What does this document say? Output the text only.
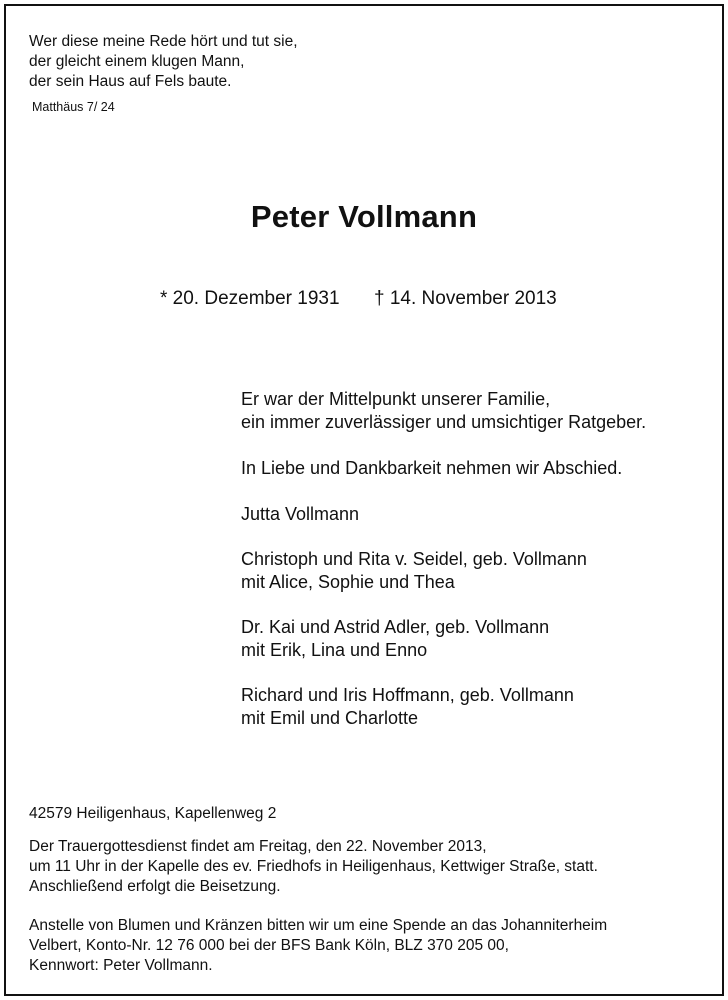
Wer diese meine Rede hört und tut sie,
der gleicht einem klugen Mann,
der sein Haus auf Fels baute.
Matthäus 7/ 24
Peter Vollmann
* 20. Dezember 1931 † 14. November 2013
Er war der Mittelpunkt unserer Familie,
ein immer zuverlässiger und umsichtiger Ratgeber.
In Liebe und Dankbarkeit nehmen wir Abschied.
Jutta Vollmann
Christoph und Rita v. Seidel, geb. Vollmann
mit Alice, Sophie und Thea
Dr. Kai und Astrid Adler, geb. Vollmann
mit Erik, Lina und Enno
Richard und Iris Hoffmann, geb. Vollmann
mit Emil und Charlotte
42579 Heiligenhaus, Kapellenweg 2
Der Trauergottesdienst findet am Freitag, den 22. November 2013,
um 11 Uhr in der Kapelle des ev. Friedhofs in Heiligenhaus, Kettwiger Straße, statt.
Anschließend erfolgt die Beisetzung.
Anstelle von Blumen und Kränzen bitten wir um eine Spende an das Johanniterheim
Velbert, Konto-Nr. 12 76 000 bei der BFS Bank Köln, BLZ 370 205 00,
Kennwort: Peter Vollmann.
